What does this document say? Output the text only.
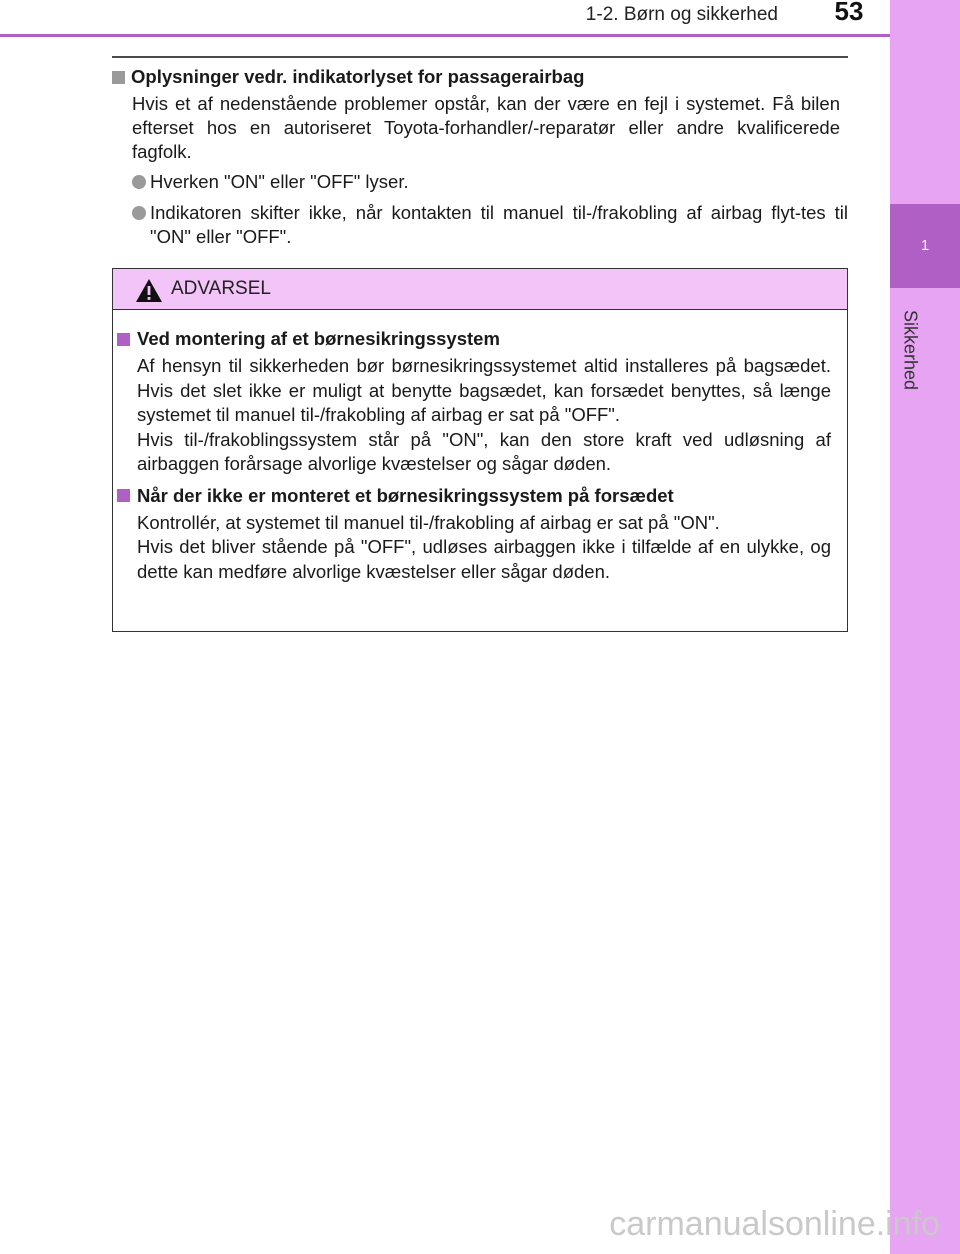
1-2. Børn og sikkerhed	53
1
Sikkerhed
Oplysninger vedr. indikatorlyset for passagerairbag

Hvis et af nedenstående problemer opstår, kan der være en fejl i systemet. Få bilen efterset hos en autoriseret Toyota-forhandler/-reparatør eller andre kvalificerede fagfolk.

Hverken "ON" eller "OFF" lyser.
Indikatoren skifter ikke, når kontakten til manuel til-/frakobling af airbag flyt-tes til "ON" eller "OFF".
ADVARSEL
Ved montering af et børnesikringssystem

Af hensyn til sikkerheden bør børnesikringssystemet altid installeres på bagsædet. Hvis det slet ikke er muligt at benytte bagsædet, kan forsædet benyttes, så længe systemet til manuel til-/frakobling af airbag er sat på "OFF".
Hvis til-/frakoblingssystem står på "ON", kan den store kraft ved udløsning af airbaggen forårsage alvorlige kvæstelser og sågar døden.

Når der ikke er monteret et børnesikringssystem på forsædet

Kontrollér, at systemet til manuel til-/frakobling af airbag er sat på "ON".
Hvis det bliver stående på "OFF", udløses airbaggen ikke i tilfælde af en ulykke, og dette kan medføre alvorlige kvæstelser eller sågar døden.

carmanualsonline.info
